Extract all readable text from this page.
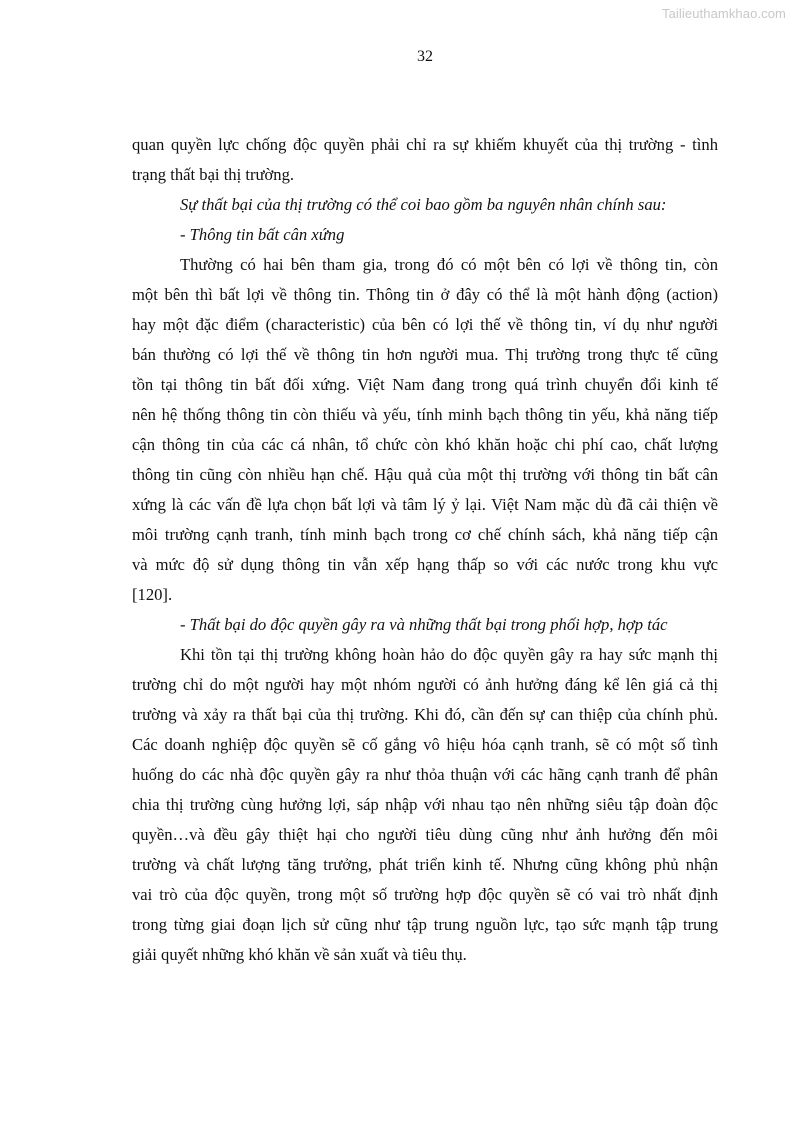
Tailieuthamkhao.com
32
quan quyền lực chống độc quyền phải chỉ ra sự khiếm khuyết của thị trường - tình
trạng thất bại thị trường.
Sự thất bại của thị trường có thể coi bao gồm ba nguyên nhân chính sau:
- Thông tin bất cân xứng
Thường có hai bên tham gia, trong đó có một bên có lợi về thông tin, còn
một bên thì bất lợi về thông tin. Thông tin ở đây có thể là một hành động (action)
hay một đặc điểm (characteristic) của bên có lợi thế về thông tin, ví dụ như người
bán thường có lợi thế về thông tin hơn người mua. Thị trường trong thực tế cũng
tồn tại thông tin bất đối xứng. Việt Nam đang trong quá trình chuyển đổi kinh tế
nên hệ thống thông tin còn thiếu và yếu, tính minh bạch thông tin yếu, khả năng tiếp
cận thông tin của các cá nhân, tổ chức còn khó khăn hoặc chi phí cao, chất lượng
thông tin cũng còn nhiều hạn chế. Hậu quả của một thị trường với thông tin bất cân
xứng là các vấn đề lựa chọn bất lợi và tâm lý ỷ lại. Việt Nam mặc dù đã cải thiện về
môi trường cạnh tranh, tính minh bạch trong cơ chế chính sách, khả năng tiếp cận
và mức độ sử dụng thông tin vẫn xếp hạng thấp so với các nước trong khu vực
[120].
- Thất bại do độc quyền gây ra và những thất bại trong phối hợp, hợp tác
Khi tồn tại thị trường không hoàn hảo do độc quyền gây ra hay sức mạnh thị
trường chỉ do một người hay một nhóm người có ảnh hưởng đáng kể lên giá cả thị
trường và xảy ra thất bại của thị trường. Khi đó, cần đến sự can thiệp của chính phủ.
Các doanh nghiệp độc quyền sẽ cố gắng vô hiệu hóa cạnh tranh, sẽ có một số tình
huống do các nhà độc quyền gây ra như thỏa thuận với các hãng cạnh tranh để phân
chia thị trường cùng hưởng lợi, sáp nhập với nhau tạo nên những siêu tập đoàn độc
quyền…và đều gây thiệt hại cho người tiêu dùng cũng như ảnh hưởng đến môi
trường và chất lượng tăng trưởng, phát triển kinh tế. Nhưng cũng không phủ nhận
vai trò của độc quyền, trong một số trường hợp độc quyền sẽ có vai trò nhất định
trong từng giai đoạn lịch sử cũng như tập trung nguồn lực, tạo sức mạnh tập trung
giải quyết những khó khăn về sản xuất và tiêu thụ.
